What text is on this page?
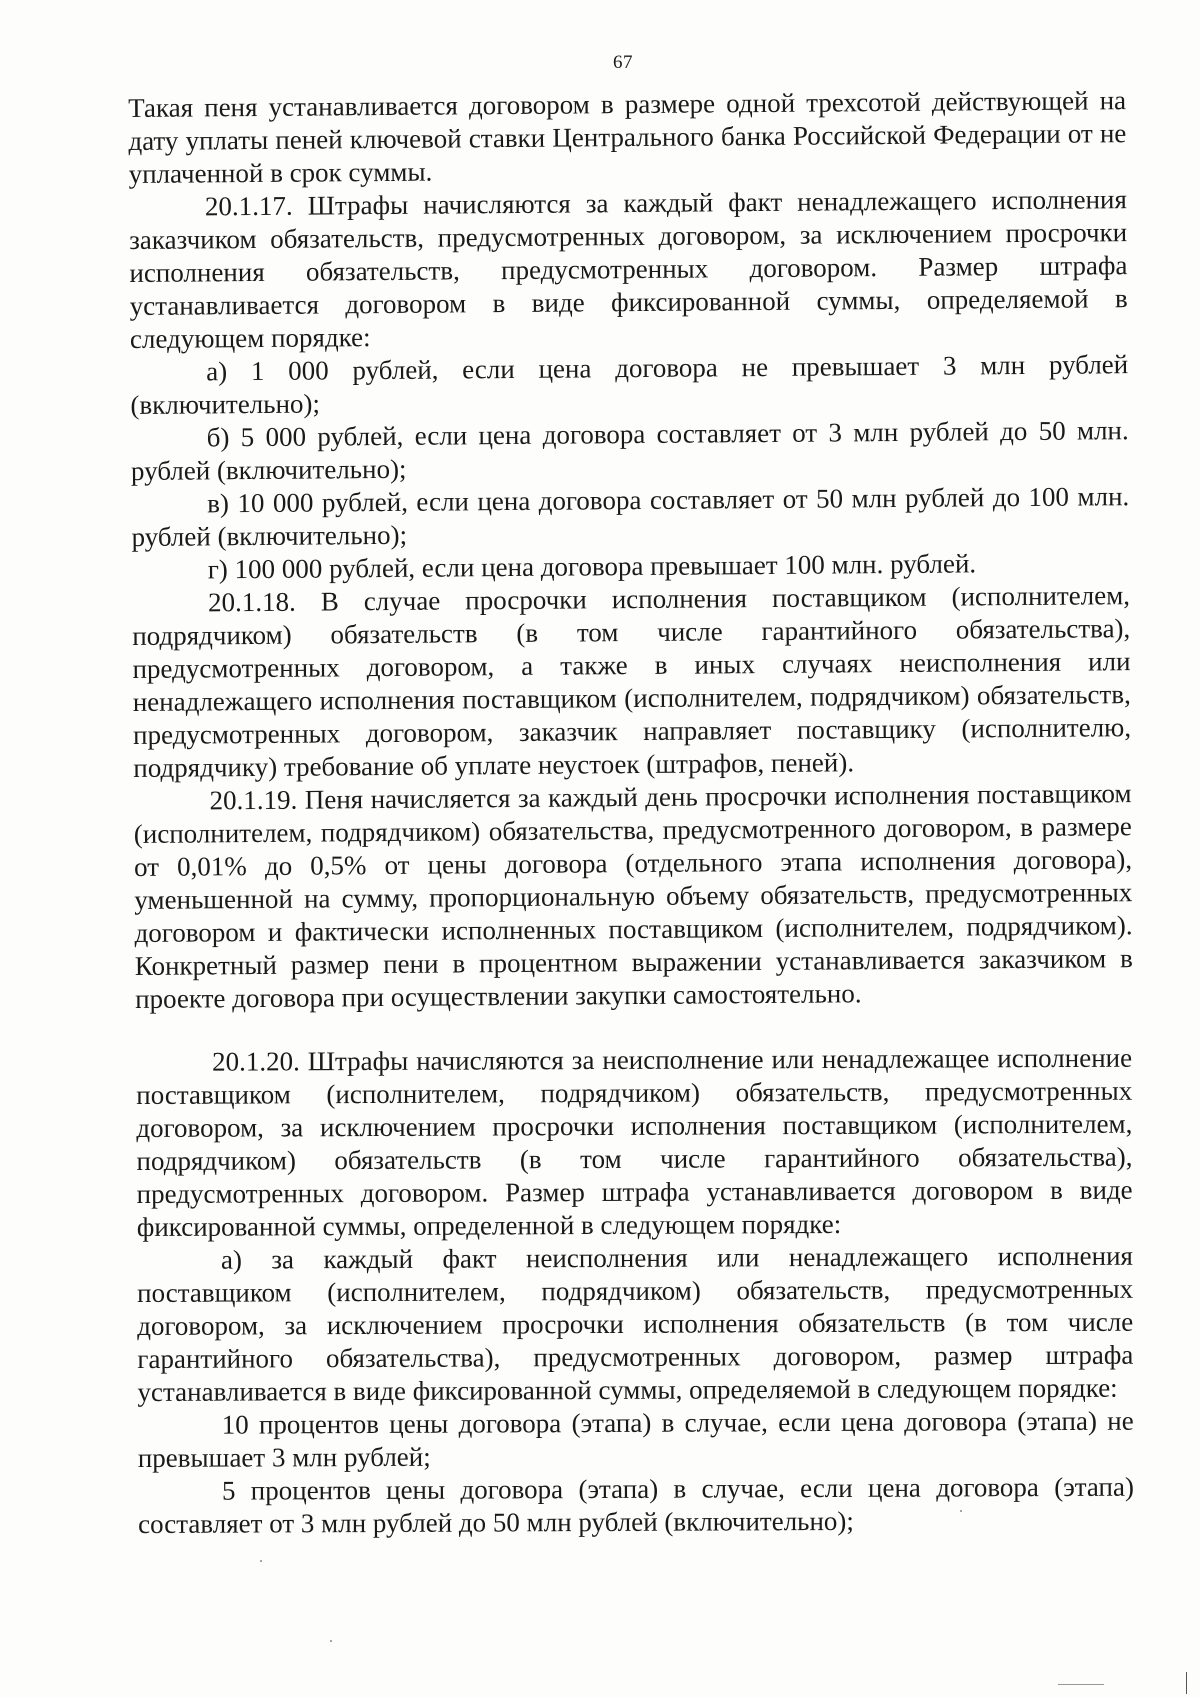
67

Такая пеня устанавливается договором в размере одной трехсотой действующей на дату уплаты пеней ключевой ставки Центрального банка Российской Федерации от не уплаченной в срок суммы.

20.1.17. Штрафы начисляются за каждый факт ненадлежащего исполнения заказчиком обязательств, предусмотренных договором, за исключением просрочки исполнения обязательств, предусмотренных договором. Размер штрафа устанавливается договором в виде фиксированной суммы, определяемой в следующем порядке:

а) 1 000 рублей, если цена договора не превышает 3 млн рублей (включительно);

б) 5 000 рублей, если цена договора составляет от 3 млн рублей до 50 млн. рублей (включительно);

в) 10 000 рублей, если цена договора составляет от 50 млн рублей до 100 млн. рублей (включительно);

г) 100 000 рублей, если цена договора превышает 100 млн. рублей.

20.1.18. В случае просрочки исполнения поставщиком (исполнителем, подрядчиком) обязательств (в том числе гарантийного обязательства), предусмотренных договором, а также в иных случаях неисполнения или ненадлежащего исполнения поставщиком (исполнителем, подрядчиком) обязательств, предусмотренных договором, заказчик направляет поставщику (исполнителю, подрядчику) требование об уплате неустоек (штрафов, пеней).

20.1.19. Пеня начисляется за каждый день просрочки исполнения поставщиком (исполнителем, подрядчиком) обязательства, предусмотренного договором, в размере от 0,01% до 0,5% от цены договора (отдельного этапа исполнения договора), уменьшенной на сумму, пропорциональную объему обязательств, предусмотренных договором и фактически исполненных поставщиком (исполнителем, подрядчиком). Конкретный размер пени в процентном выражении устанавливается заказчиком в проекте договора при осуществлении закупки самостоятельно.

20.1.20. Штрафы начисляются за неисполнение или ненадлежащее исполнение поставщиком (исполнителем, подрядчиком) обязательств, предусмотренных договором, за исключением просрочки исполнения поставщиком (исполнителем, подрядчиком) обязательств (в том числе гарантийного обязательства), предусмотренных договором. Размер штрафа устанавливается договором в виде фиксированной суммы, определенной в следующем порядке:

а) за каждый факт неисполнения или ненадлежащего исполнения поставщиком (исполнителем, подрядчиком) обязательств, предусмотренных договором, за исключением просрочки исполнения обязательств (в том числе гарантийного обязательства), предусмотренных договором, размер штрафа устанавливается в виде фиксированной суммы, определяемой в следующем порядке:

10 процентов цены договора (этапа) в случае, если цена договора (этапа) не превышает 3 млн рублей;

5 процентов цены договора (этапа) в случае, если цена договора (этапа) составляет от 3 млн рублей до 50 млн рублей (включительно);
